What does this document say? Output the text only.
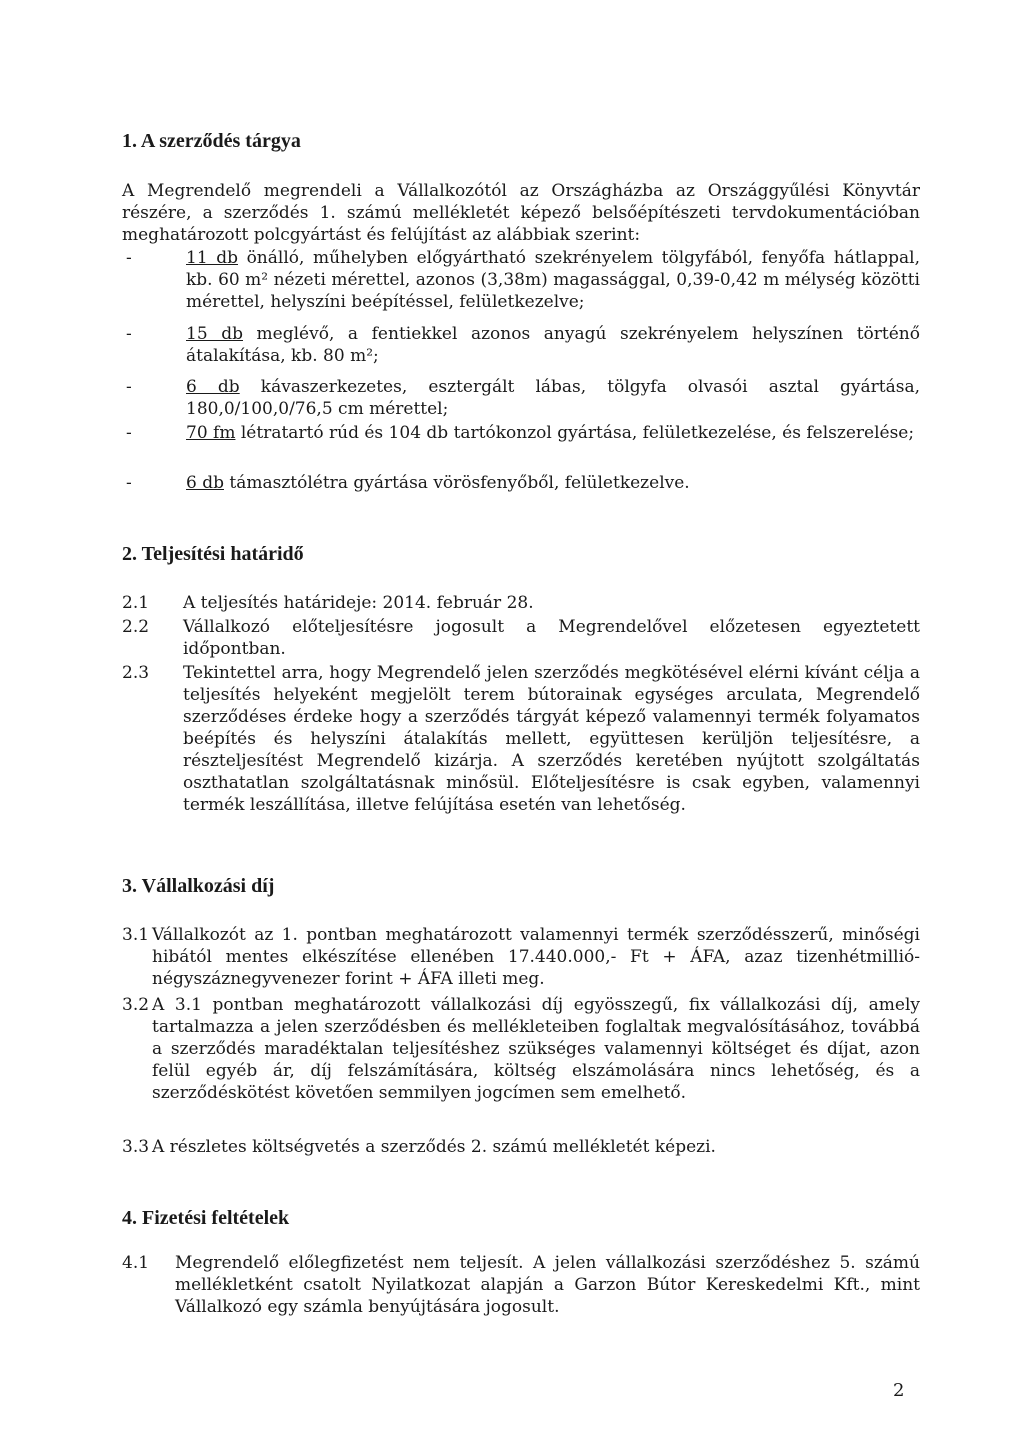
1. A szerződés tárgya
A Megrendelő megrendeli a Vállalkozótól az Országházba az Országgyűlési Könyvtár részére, a szerződés 1. számú mellékletét képező belsőépítészeti tervdokumentációban meghatározott polcgyártást és felújítást az alábbiak szerint:
-	11 db önálló, műhelyben előgyártható szekrényelem tölgyfából, fenyőfa hátlappal, kb. 60 m² nézeti mérettel, azonos (3,38m) magassággal, 0,39-0,42 m mélység közötti mérettel, helyszíni beépítéssel, felületkezelve;
-	15 db meglévő, a fentiekkel azonos anyagú szekrényelem helyszínen történő átalakítása, kb. 80 m²;
-	6 db kávaszerkezetes, esztergált lábas, tölgyfa olvasói asztal gyártása, 180,0/100,0/76,5 cm mérettel;
-	70 fm létratartó rúd és 104 db tartókonzol gyártása, felületkezelése, és felszerelése;
-	6 db támasztólétra gyártása vörösfenyőből, felületkezelve.
2. Teljesítési határidő
2.1 A teljesítés határideje: 2014. február 28.
2.2 Vállalkozó előteljesítésre jogosult a Megrendelővel előzetesen egyeztetett időpontban.
2.3 Tekintettel arra, hogy Megrendelő jelen szerződés megkötésével elérni kívánt célja a teljesítés helyeként megjelölt terem bútorainak egységes arculata, Megrendelő szerződéses érdeke hogy a szerződés tárgyát képező valamennyi termék folyamatos beépítés és helyszíni átalakítás mellett, együttesen kerüljön teljesítésre, a részteljesítést Megrendelő kizárja. A szerződés keretében nyújtott szolgáltatás oszthatatlan szolgáltatásnak minősül. Előteljesítésre is csak egyben, valamennyi termék leszállítása, illetve felújítása esetén van lehetőség.
3. Vállalkozási díj
3.1 Vállalkozót az 1. pontban meghatározott valamennyi termék szerződésszerű, minőségi hibától mentes elkészítése ellenében 17.440.000,- Ft + ÁFA, azaz tizenhétmillió-négyszáznegyvenezer forint + ÁFA illeti meg.
3.2 A 3.1 pontban meghatározott vállalkozási díj egyösszegű, fix vállalkozási díj, amely tartalmazza a jelen szerződésben és mellékleteiben foglaltak megvalósításához, továbbá a szerződés maradéktalan teljesítéshez szükséges valamennyi költséget és díjat, azon felül egyéb ár, díj felszámítására, költség elszámolására nincs lehetőség, és a szerződéskötést követően semmilyen jogcímen sem emelhető.
3.3 A részletes költségvetés a szerződés 2. számú mellékletét képezi.
4. Fizetési feltételek
4.1 Megrendelő előlegfizetést nem teljesít. A jelen vállalkozási szerződéshez 5. számú mellékletként csatolt Nyilatkozat alapján a Garzon Bútor Kereskedelmi Kft., mint Vállalkozó egy számla benyújtására jogosult.
2
